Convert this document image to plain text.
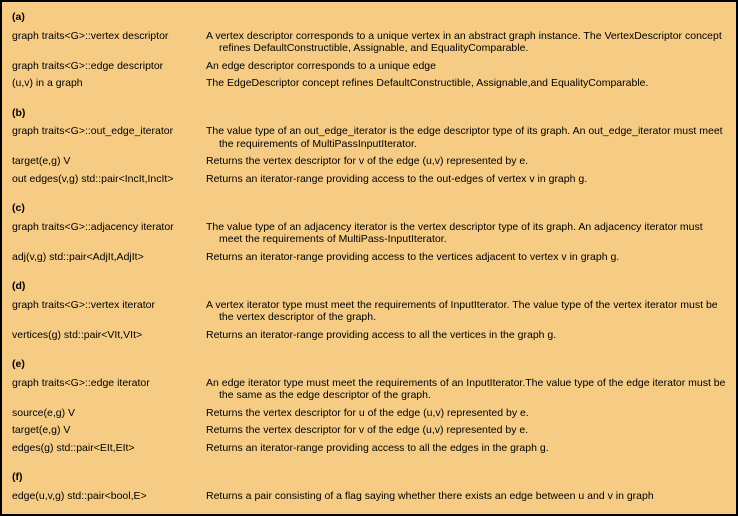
(a)
graph traits<G>::vertex descriptor	A vertex descriptor corresponds to a unique vertex in an abstract graph instance. The VertexDescriptor concept refines DefaultConstructible, Assignable, and EqualityComparable.
graph traits<G>::edge descriptor	An edge descriptor corresponds to a unique edge
(u,v) in a graph	The EdgeDescriptor concept refines DefaultConstructible, Assignable,and EqualityComparable.
(b)
graph traits<G>::out_edge_iterator	The value type of an out_edge_iterator is the edge descriptor type of its graph. An out_edge_iterator must meet the requirements of MultiPassInputIterator.
target(e,g) V	Returns the vertex descriptor for v of the edge (u,v) represented by e.
out edges(v,g) std::pair<IncIt,IncIt>	Returns an iterator-range providing access to the out-edges of vertex v in graph g.
(c)
graph traits<G>::adjacency iterator	The value type of an adjacency iterator is the vertex descriptor type of its graph. An adjacency iterator must meet the requirements of MultiPass-InputIterator.
adj(v,g) std::pair<AdjIt,AdjIt>	Returns an iterator-range providing access to the vertices adjacent to vertex v in graph g.
(d)
graph traits<G>::vertex iterator	A vertex iterator type must meet the requirements of InputIterator. The value type of the vertex iterator must be the vertex descriptor of the graph.
vertices(g) std::pair<VIt,VIt>	Returns an iterator-range providing access to all the vertices in the graph g.
(e)
graph traits<G>::edge iterator	An edge iterator type must meet the requirements of an InputIterator.The value type of the edge iterator must be the same as the edge descriptor of the graph.
source(e,g) V	Returns the vertex descriptor for u of the edge (u,v) represented by e.
target(e,g) V	Returns the vertex descriptor for v of the edge (u,v) represented by e.
edges(g) std::pair<EIt,EIt>	Returns an iterator-range providing access to all the edges in the graph g.
(f)
edge(u,v,g) std::pair<bool,E>	Returns a pair consisting of a flag saying whether there exists an edge between u and v in graph
